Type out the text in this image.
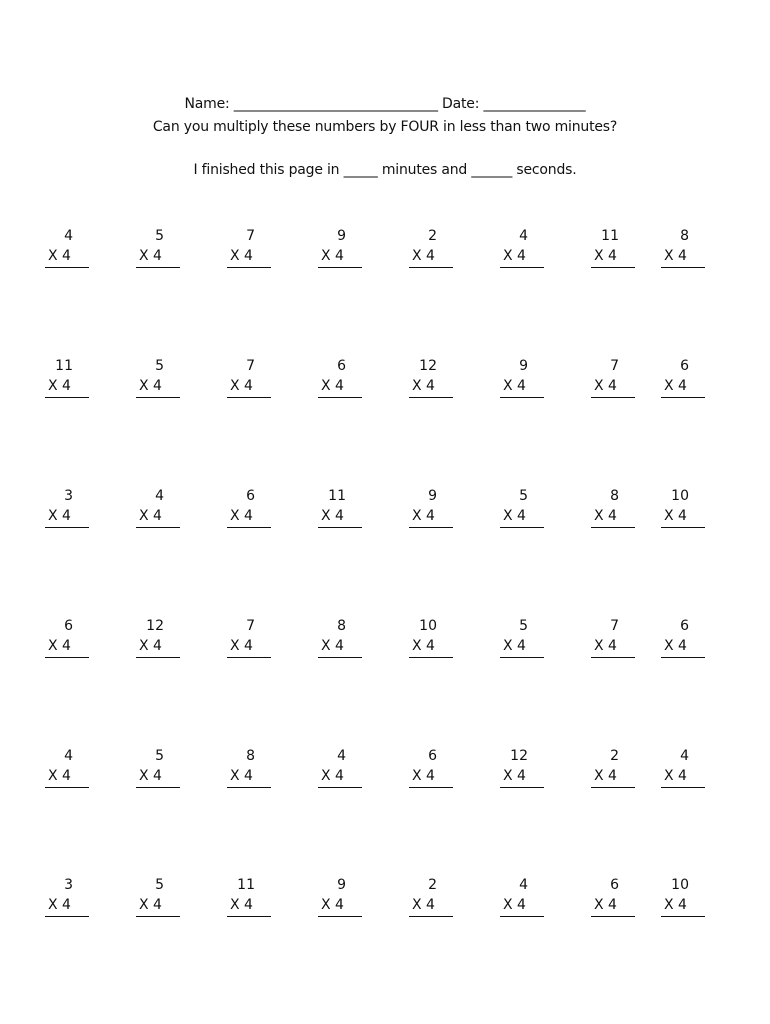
Name: ______________________________ Date: _______________
Can you multiply these numbers by FOUR in less than two minutes?
I finished this page in _____ minutes and ______ seconds.
4
X 4
5
X 4
7
X 4
9
X 4
2
X 4
4
X 4
11
X 4
8
X 4
11
X 4
5
X 4
7
X 4
6
X 4
12
X 4
9
X 4
7
X 4
6
X 4
3
X 4
4
X 4
6
X 4
11
X 4
9
X 4
5
X 4
8
X 4
10
X 4
6
X 4
12
X 4
7
X 4
8
X 4
10
X 4
5
X 4
7
X 4
6
X 4
4
X 4
5
X 4
8
X 4
4
X 4
6
X 4
12
X 4
2
X 4
4
X 4
3
X 4
5
X 4
11
X 4
9
X 4
2
X 4
4
X 4
6
X 4
10
X 4
